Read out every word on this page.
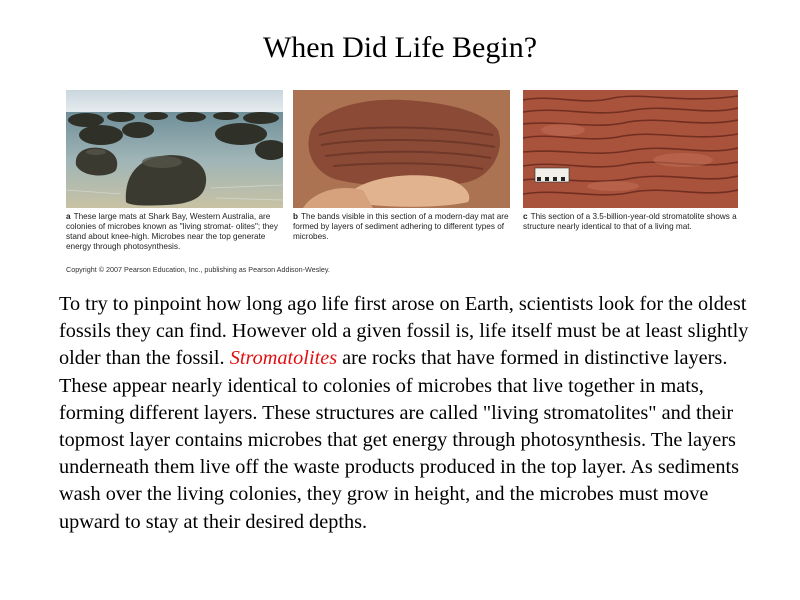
When Did Life Begin?
a These large mats at Shark Bay, Western Australia, are colonies of microbes known as "living stromat- olites"; they stand about knee-high. Microbes near the top generate energy through photosynthesis.
b The bands visible in this section of a modern-day mat are formed by layers of sediment adhering to different types of microbes.
c This section of a 3.5-billion-year-old stromatolite shows a structure nearly identical to that of a living mat.
Copyright © 2007 Pearson Education, Inc., publishing as Pearson Addison-Wesley.

To try to pinpoint how long ago life first arose on Earth, scientists look for the oldest fossils they can find. However old a given fossil is, life itself must be at least slightly older than the fossil. Stromatolites are rocks that have formed in distinctive layers. These appear nearly identical to colonies of microbes that live together in mats, forming different layers. These structures are called "living stromatolites" and their topmost layer contains microbes that get energy through photosynthesis. The layers underneath them live off the waste products produced in the top layer. As sediments wash over the living colonies, they grow in height, and the microbes must move upward to stay at their desired depths.
